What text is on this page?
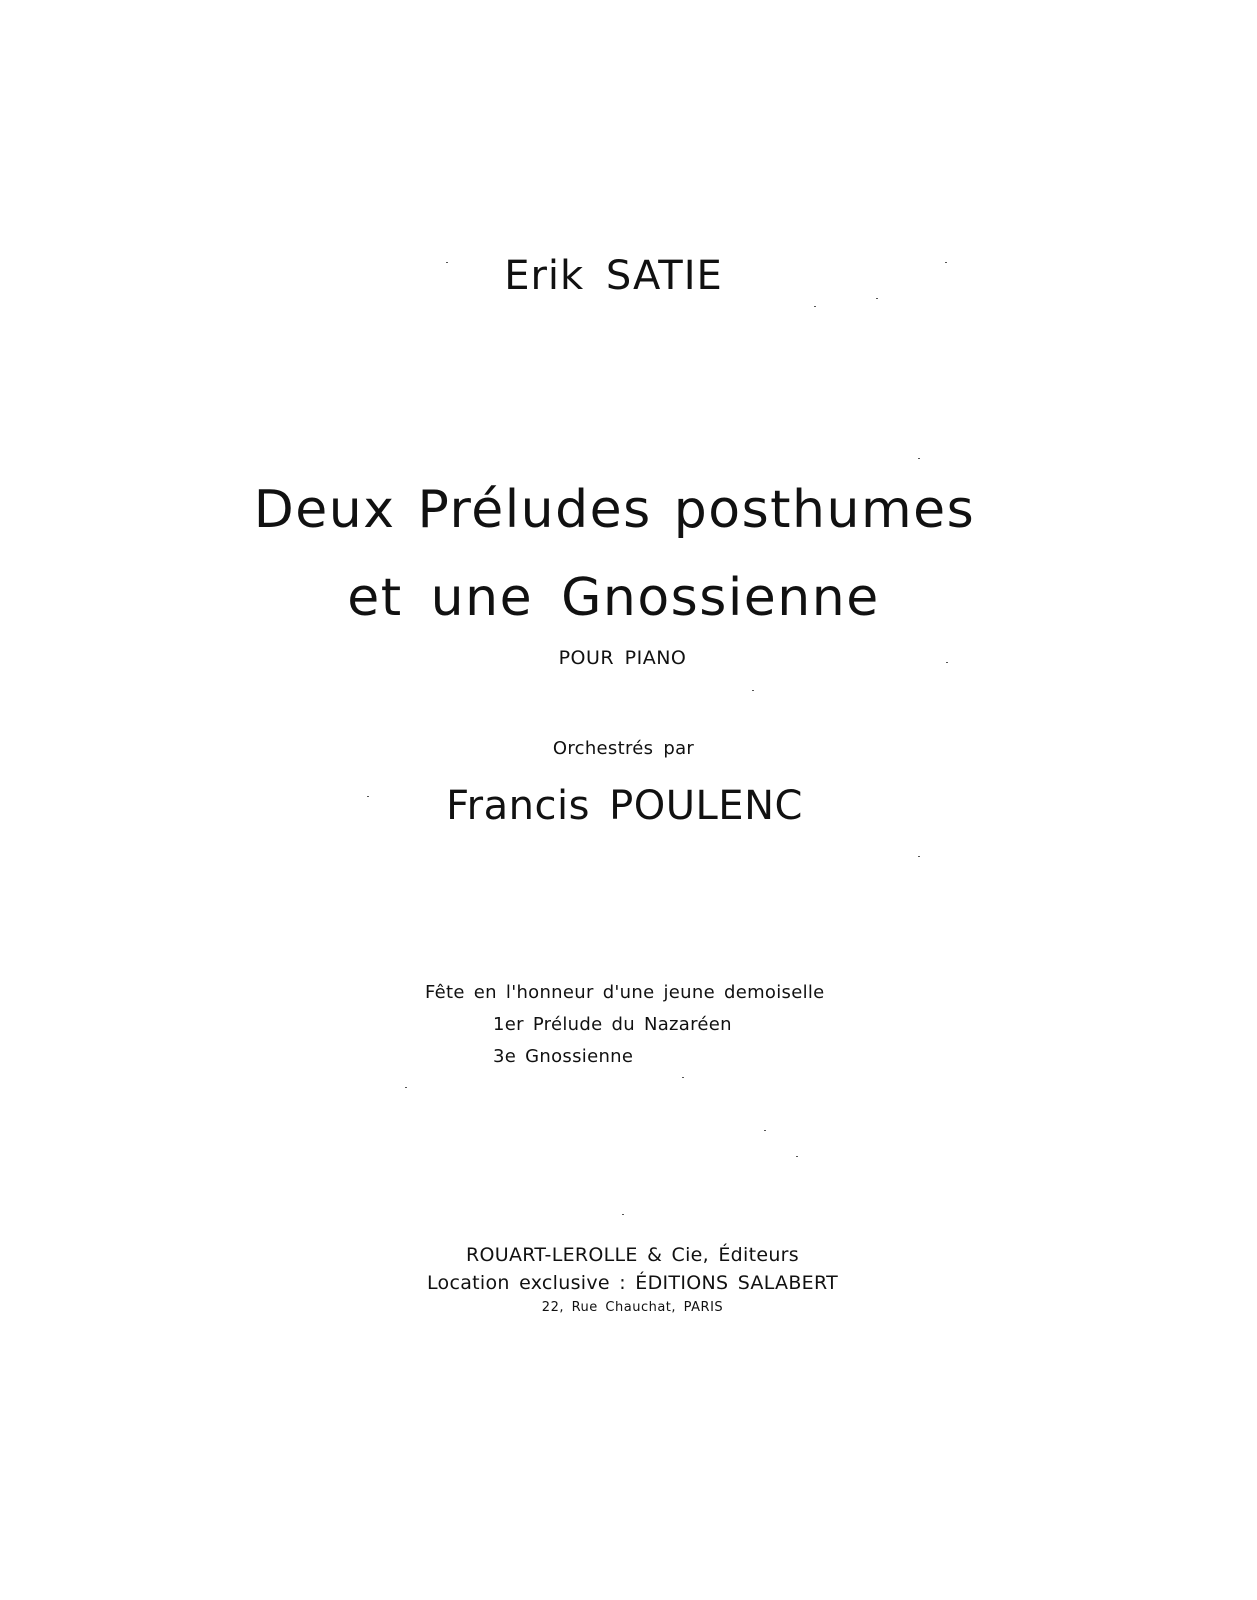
Erik SATIE
Deux Préludes posthumes
et une Gnossienne
POUR PIANO
Orchestrés par
Francis POULENC
Fête en l'honneur d'une jeune demoiselle
1er Prélude du Nazaréen
3e Gnossienne
ROUART-LEROLLE & Cie, Éditeurs
Location exclusive : ÉDITIONS SALABERT
22, Rue Chauchat, PARIS
